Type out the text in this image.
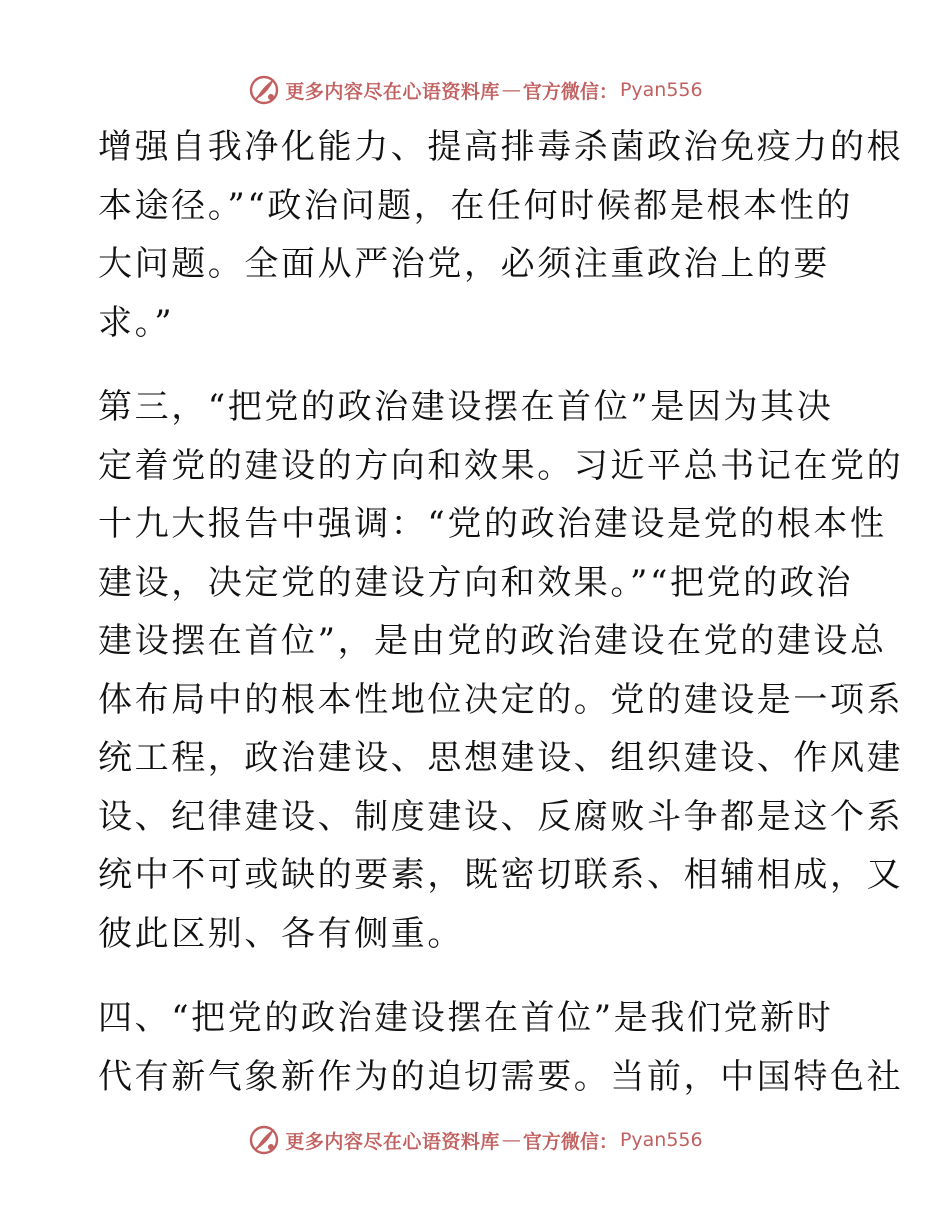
更多内容尽在心语资料库 — 官方微信： Pyan556
增强自我净化能力、提高排毒杀菌政治免疫力的根
本途径。”“政治问题，在任何时候都是根本性的
大问题。全面从严治党，必须注重政治上的要
求。”
第三，“把党的政治建设摆在首位”是因为其决
定着党的建设的方向和效果。习近平总书记在党的
十九大报告中强调：“党的政治建设是党的根本性
建设，决定党的建设方向和效果。”“把党的政治
建设摆在首位”，是由党的政治建设在党的建设总
体布局中的根本性地位决定的。党的建设是一项系
统工程，政治建设、思想建设、组织建设、作风建
设、纪律建设、制度建设、反腐败斗争都是这个系
统中不可或缺的要素，既密切联系、相辅相成，又
彼此区别、各有侧重。
四、“把党的政治建设摆在首位”是我们党新时
代有新气象新作为的迫切需要。当前，中国特色社
更多内容尽在心语资料库 — 官方微信： Pyan556
